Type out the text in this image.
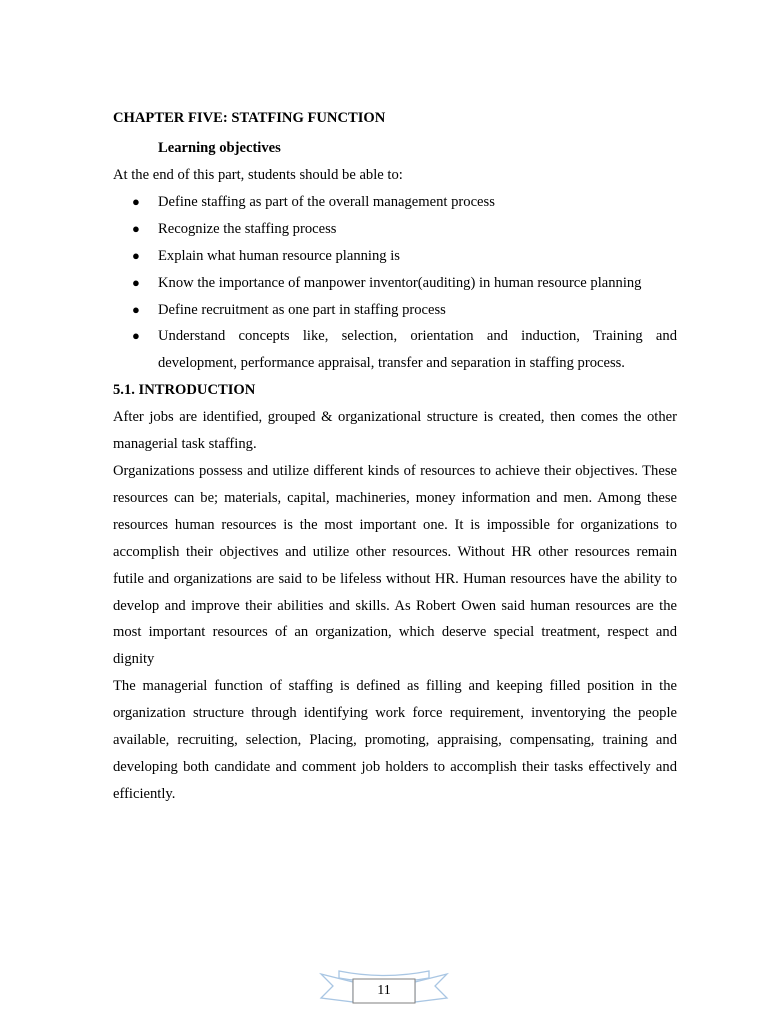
CHAPTER FIVE: STATFING FUNCTION
Learning objectives
At the end of this part, students should be able to:
● Define staffing as part of the overall management process
● Recognize the staffing process
● Explain what human resource planning is
● Know the importance of manpower inventor(auditing) in human resource planning
● Define recruitment as one part in staffing process
● Understand concepts like, selection, orientation and induction, Training and development, performance appraisal, transfer and separation in staffing process.
5.1. INTRODUCTION

After jobs are identified, grouped & organizational structure is created, then comes the other managerial task staffing.

Organizations possess and utilize different kinds of resources to achieve their objectives. These resources can be; materials, capital, machineries, money information and men. Among these resources human resources is the most important one. It is impossible for organizations to accomplish their objectives and utilize other resources. Without HR other resources remain futile and organizations are said to be lifeless without HR. Human resources have the ability to develop and improve their abilities and skills. As Robert Owen said human resources are the most important resources of an organization, which deserve special treatment, respect and dignity

The managerial function of staffing is defined as filling and keeping filled position in the organization structure through identifying work force requirement, inventorying the people available, recruiting, selection, Placing, promoting, appraising, compensating, training and developing both candidate and comment job holders to accomplish their tasks effectively and efficiently.

11
